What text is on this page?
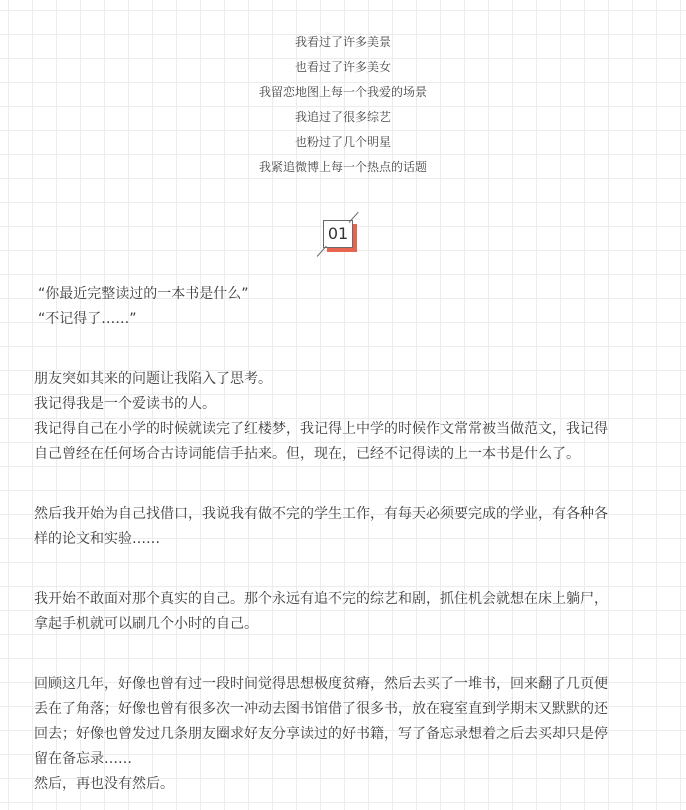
我看过了许多美景
也看过了许多美女
我留恋地图上每一个我爱的场景
我追过了很多综艺
也粉过了几个明星
我紧追微博上每一个热点的话题
01

“你最近完整读过的一本书是什么”

“不记得了……”

朋友突如其来的问题让我陷入了思考。

我记得我是一个爱读书的人。

我记得自己在小学的时候就读完了红楼梦，我记得上中学的时候作文常常被当做范文，我记得

自己曾经在任何场合古诗词能信手拈来。但，现在，已经不记得读的上一本书是什么了。

然后我开始为自己找借口，我说我有做不完的学生工作，有每天必须要完成的学业，有各种各

样的论文和实验……

我开始不敢面对那个真实的自己。那个永远有追不完的综艺和剧，抓住机会就想在床上躺尸，

拿起手机就可以刷几个小时的自己。

回顾这几年，好像也曾有过一段时间觉得思想极度贫瘠，然后去买了一堆书，回来翻了几页便

丢在了角落；好像也曾有很多次一冲动去图书馆借了很多书，放在寝室直到学期末又默默的还

回去；好像也曾发过几条朋友圈求好友分享读过的好书籍，写了备忘录想着之后去买却只是停

留在备忘录……

然后，再也没有然后。
